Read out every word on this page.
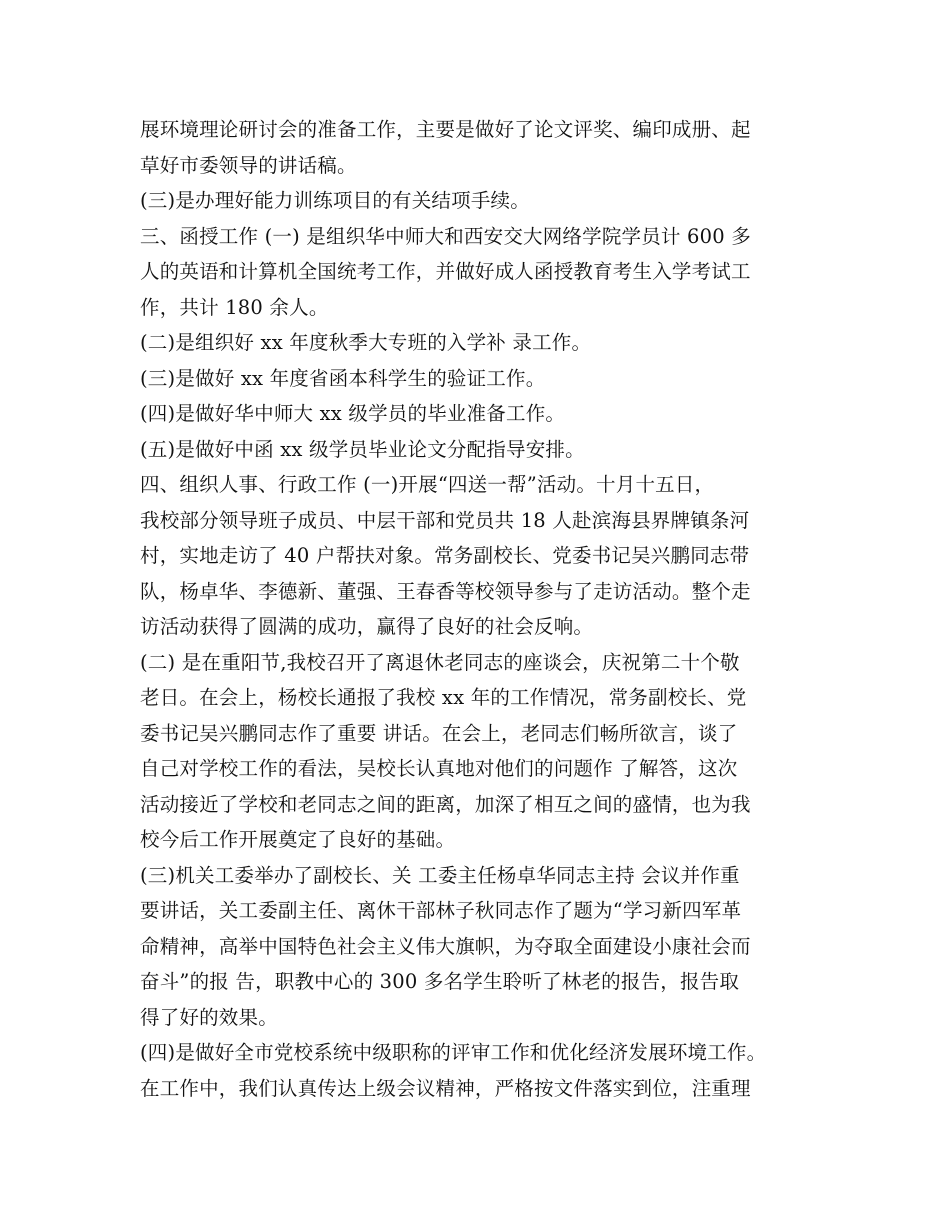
展环境理论研讨会的准备工作，主要是做好了论文评奖、编印成册、起
草好市委领导的讲话稿。
(三)是办理好能力训练项目的有关结项手续。
三、函授工作 (一) 是组织华中师大和西安交大网络学院学员计 600 多
人的英语和计算机全国统考工作，并做好成人函授教育考生入学考试工
作，共计 180 余人。
(二)是组织好 xx 年度秋季大专班的入学补 录工作。
(三)是做好 xx 年度省函本科学生的验证工作。
(四)是做好华中师大 xx 级学员的毕业准备工作。
(五)是做好中函 xx 级学员毕业论文分配指导安排。
四、组织人事、行政工作 (一)开展“四送一帮”活动。十月十五日，
我校部分领导班子成员、中层干部和党员共 18 人赴滨海县界牌镇条河
村，实地走访了 40 户帮扶对象。常务副校长、党委书记吴兴鹏同志带
队，杨卓华、李德新、董强、王春香等校领导参与了走访活动。整个走
访活动获得了圆满的成功，赢得了良好的社会反响。
(二) 是在重阳节,我校召开了离退休老同志的座谈会，庆祝第二十个敬
老日。在会上，杨校长通报了我校 xx 年的工作情况，常务副校长、党
委书记吴兴鹏同志作了重要 讲话。在会上，老同志们畅所欲言，谈了
自己对学校工作的看法，吴校长认真地对他们的问题作 了解答，这次
活动接近了学校和老同志之间的距离，加深了相互之间的盛情，也为我
校今后工作开展奠定了良好的基础。
(三)机关工委举办了副校长、关 工委主任杨卓华同志主持 会议并作重
要讲话，关工委副主任、离休干部林子秋同志作了题为“学习新四军革
命精神，高举中国特色社会主义伟大旗帜，为夺取全面建设小康社会而
奋斗”的报 告，职教中心的 300 多名学生聆听了林老的报告，报告取
得了好的效果。
(四)是做好全市党校系统中级职称的评审工作和优化经济发展环境工作。
在工作中，我们认真传达上级会议精神，严格按文件落实到位，注重理
